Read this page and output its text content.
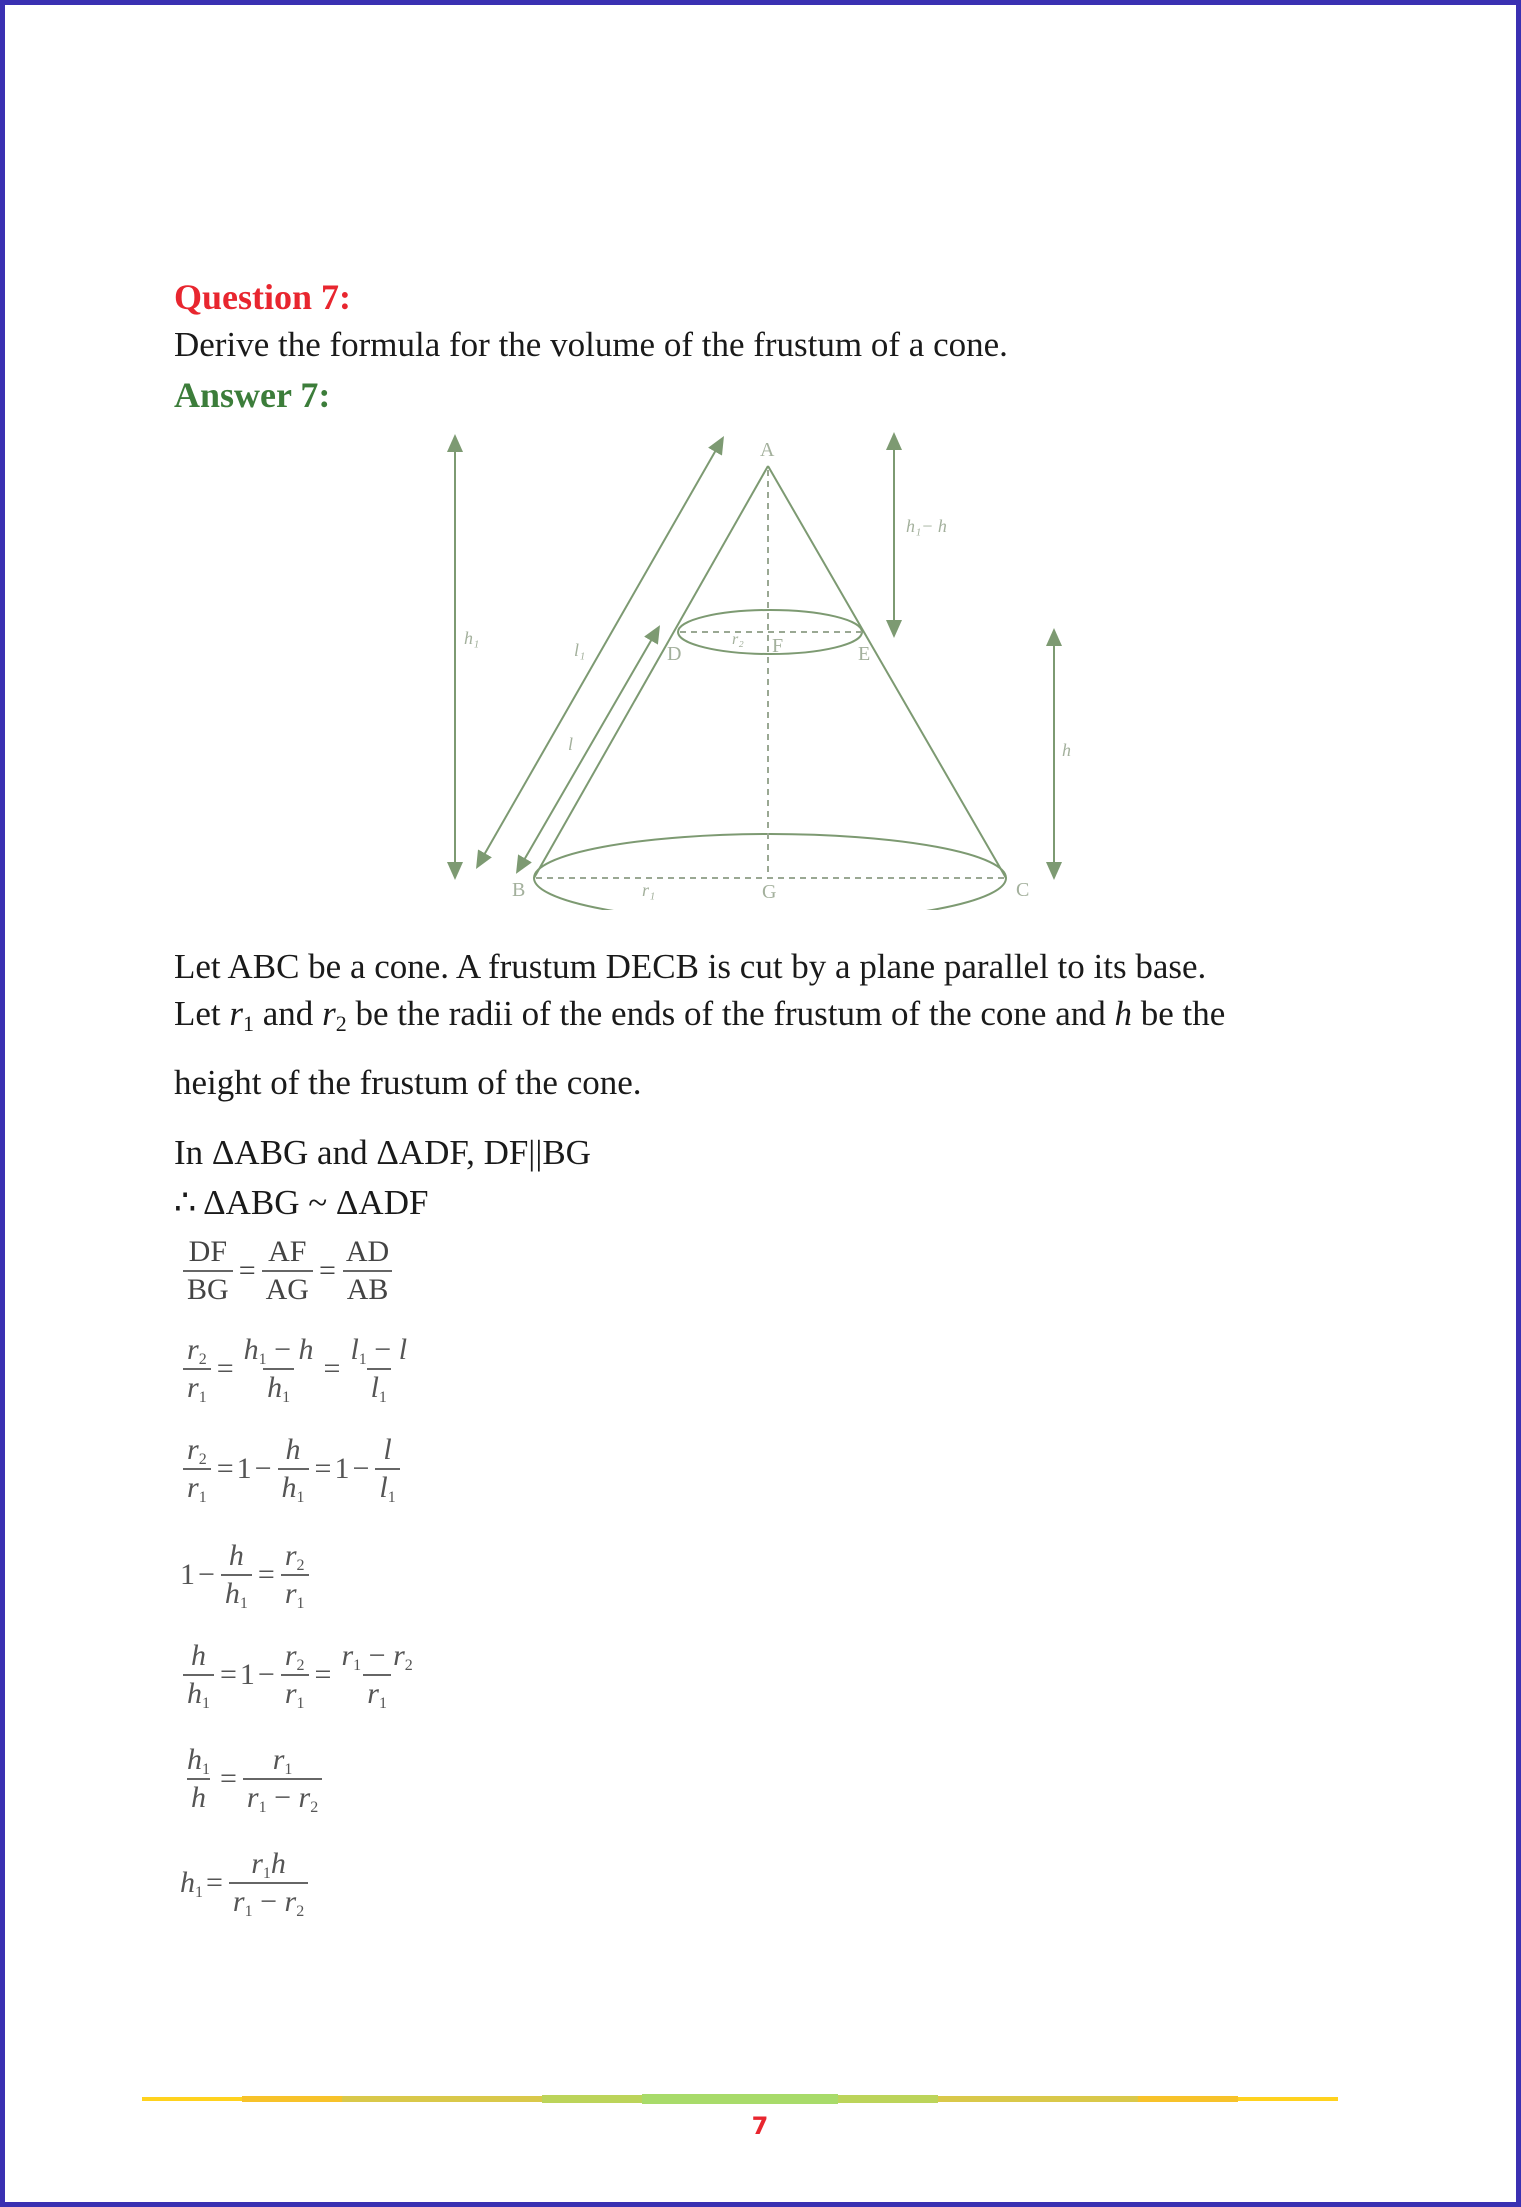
Question 7:
Derive the formula for the volume of the frustum of a cone.
Answer 7:
A
B	C
D	E
F
G
h₁
h₁− h
h
l₁
l
r₁
r₂
Let ABC be a cone. A frustum DECB is cut by a plane parallel to its base.
Let $r_1$ and $r_2$ be the radii of the ends of the frustum of the cone and h be the
height of the frustum of the cone.
In ΔABG and ΔADF, DF||BG
∴ ΔABG ~ ΔADF
$\frac{DF}{BG} = \frac{AF}{AG} = \frac{AD}{AB}$
$\frac{r_2}{r_1} = \frac{h_1 - h}{h_1} = \frac{l_1 - l}{l_1}$
$\frac{r_2}{r_1} = 1 - \frac{h}{h_1} = 1 - \frac{l}{l_1}$
$1 - \frac{h}{h_1} = \frac{r_2}{r_1}$
$\frac{h}{h_1} = 1 - \frac{r_2}{r_1} = \frac{r_1 - r_2}{r_1}$
$\frac{h_1}{h} = \frac{r_1}{r_1 - r_2}$
$h_1 = \frac{r_1h}{r_1 - r_2}$
7
